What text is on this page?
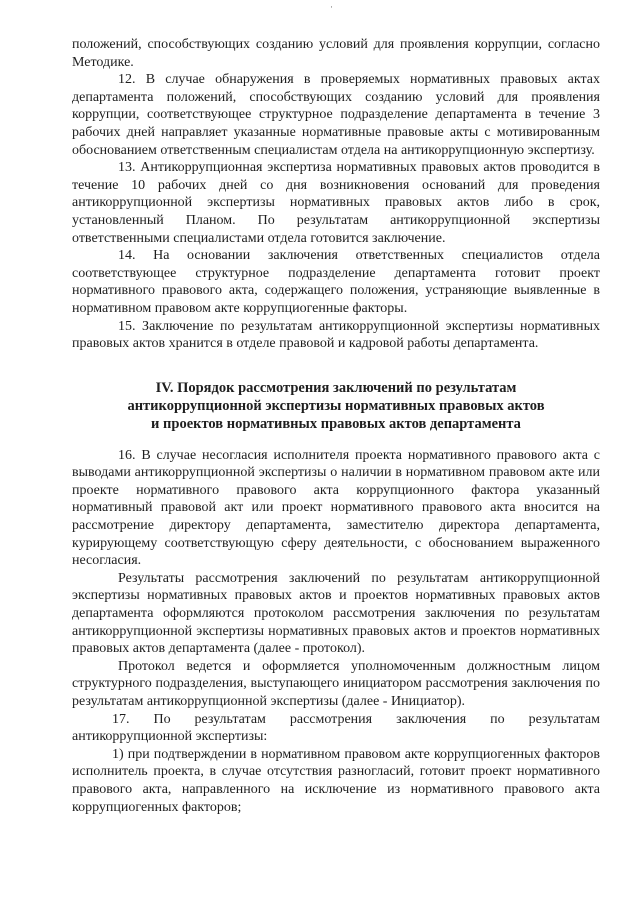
·

положений, способствующих созданию условий для проявления коррупции, согласно Методике.

12. В случае обнаружения в проверяемых нормативных правовых актах департамента положений, способствующих созданию условий для проявления коррупции, соответствующее структурное подразделение департамента в течение 3 рабочих дней направляет указанные нормативные правовые акты с мотивированным обоснованием ответственным специалистам отдела на антикоррупционную экспертизу.

13. Антикоррупционная экспертиза нормативных правовых актов проводится в течение 10 рабочих дней со дня возникновения оснований для проведения антикоррупционной экспертизы нормативных правовых актов либо в срок, установленный Планом. По результатам антикоррупционной экспертизы ответственными специалистами отдела готовится заключение.

14. На основании заключения ответственных специалистов отдела соответствующее структурное подразделение департамента готовит проект нормативного правового акта, содержащего положения, устраняющие выявленные в нормативном правовом акте коррупциогенные факторы.

15. Заключение по результатам антикоррупционной экспертизы нормативных правовых актов хранится в отделе правовой и кадровой работы департамента.

IV. Порядок рассмотрения заключений по результатам
антикоррупционной экспертизы нормативных правовых актов
и проектов нормативных правовых актов департамента

16. В случае несогласия исполнителя проекта нормативного правового акта с выводами антикоррупционной экспертизы о наличии в нормативном правовом акте или проекте нормативного правового акта коррупционного фактора указанный нормативный правовой акт или проект нормативного правового акта вносится на рассмотрение директору департамента, заместителю директора департамента, курирующему соответствующую сферу деятельности, с обоснованием выраженного несогласия.

Результаты рассмотрения заключений по результатам антикоррупционной экспертизы нормативных правовых актов и проектов нормативных правовых актов департамента оформляются протоколом рассмотрения заключения по результатам антикоррупционной экспертизы нормативных правовых актов и проектов нормативных правовых актов департамента (далее - протокол).

Протокол ведется и оформляется уполномоченным должностным лицом структурного подразделения, выступающего инициатором рассмотрения заключения по результатам антикоррупционной экспертизы (далее - Инициатор).

17. По результатам рассмотрения заключения по результатам антикоррупционной экспертизы:

1) при подтверждении в нормативном правовом акте коррупциогенных факторов исполнитель проекта, в случае отсутствия разногласий, готовит проект нормативного правового акта, направленного на исключение из нормативного правового акта коррупциогенных факторов;
